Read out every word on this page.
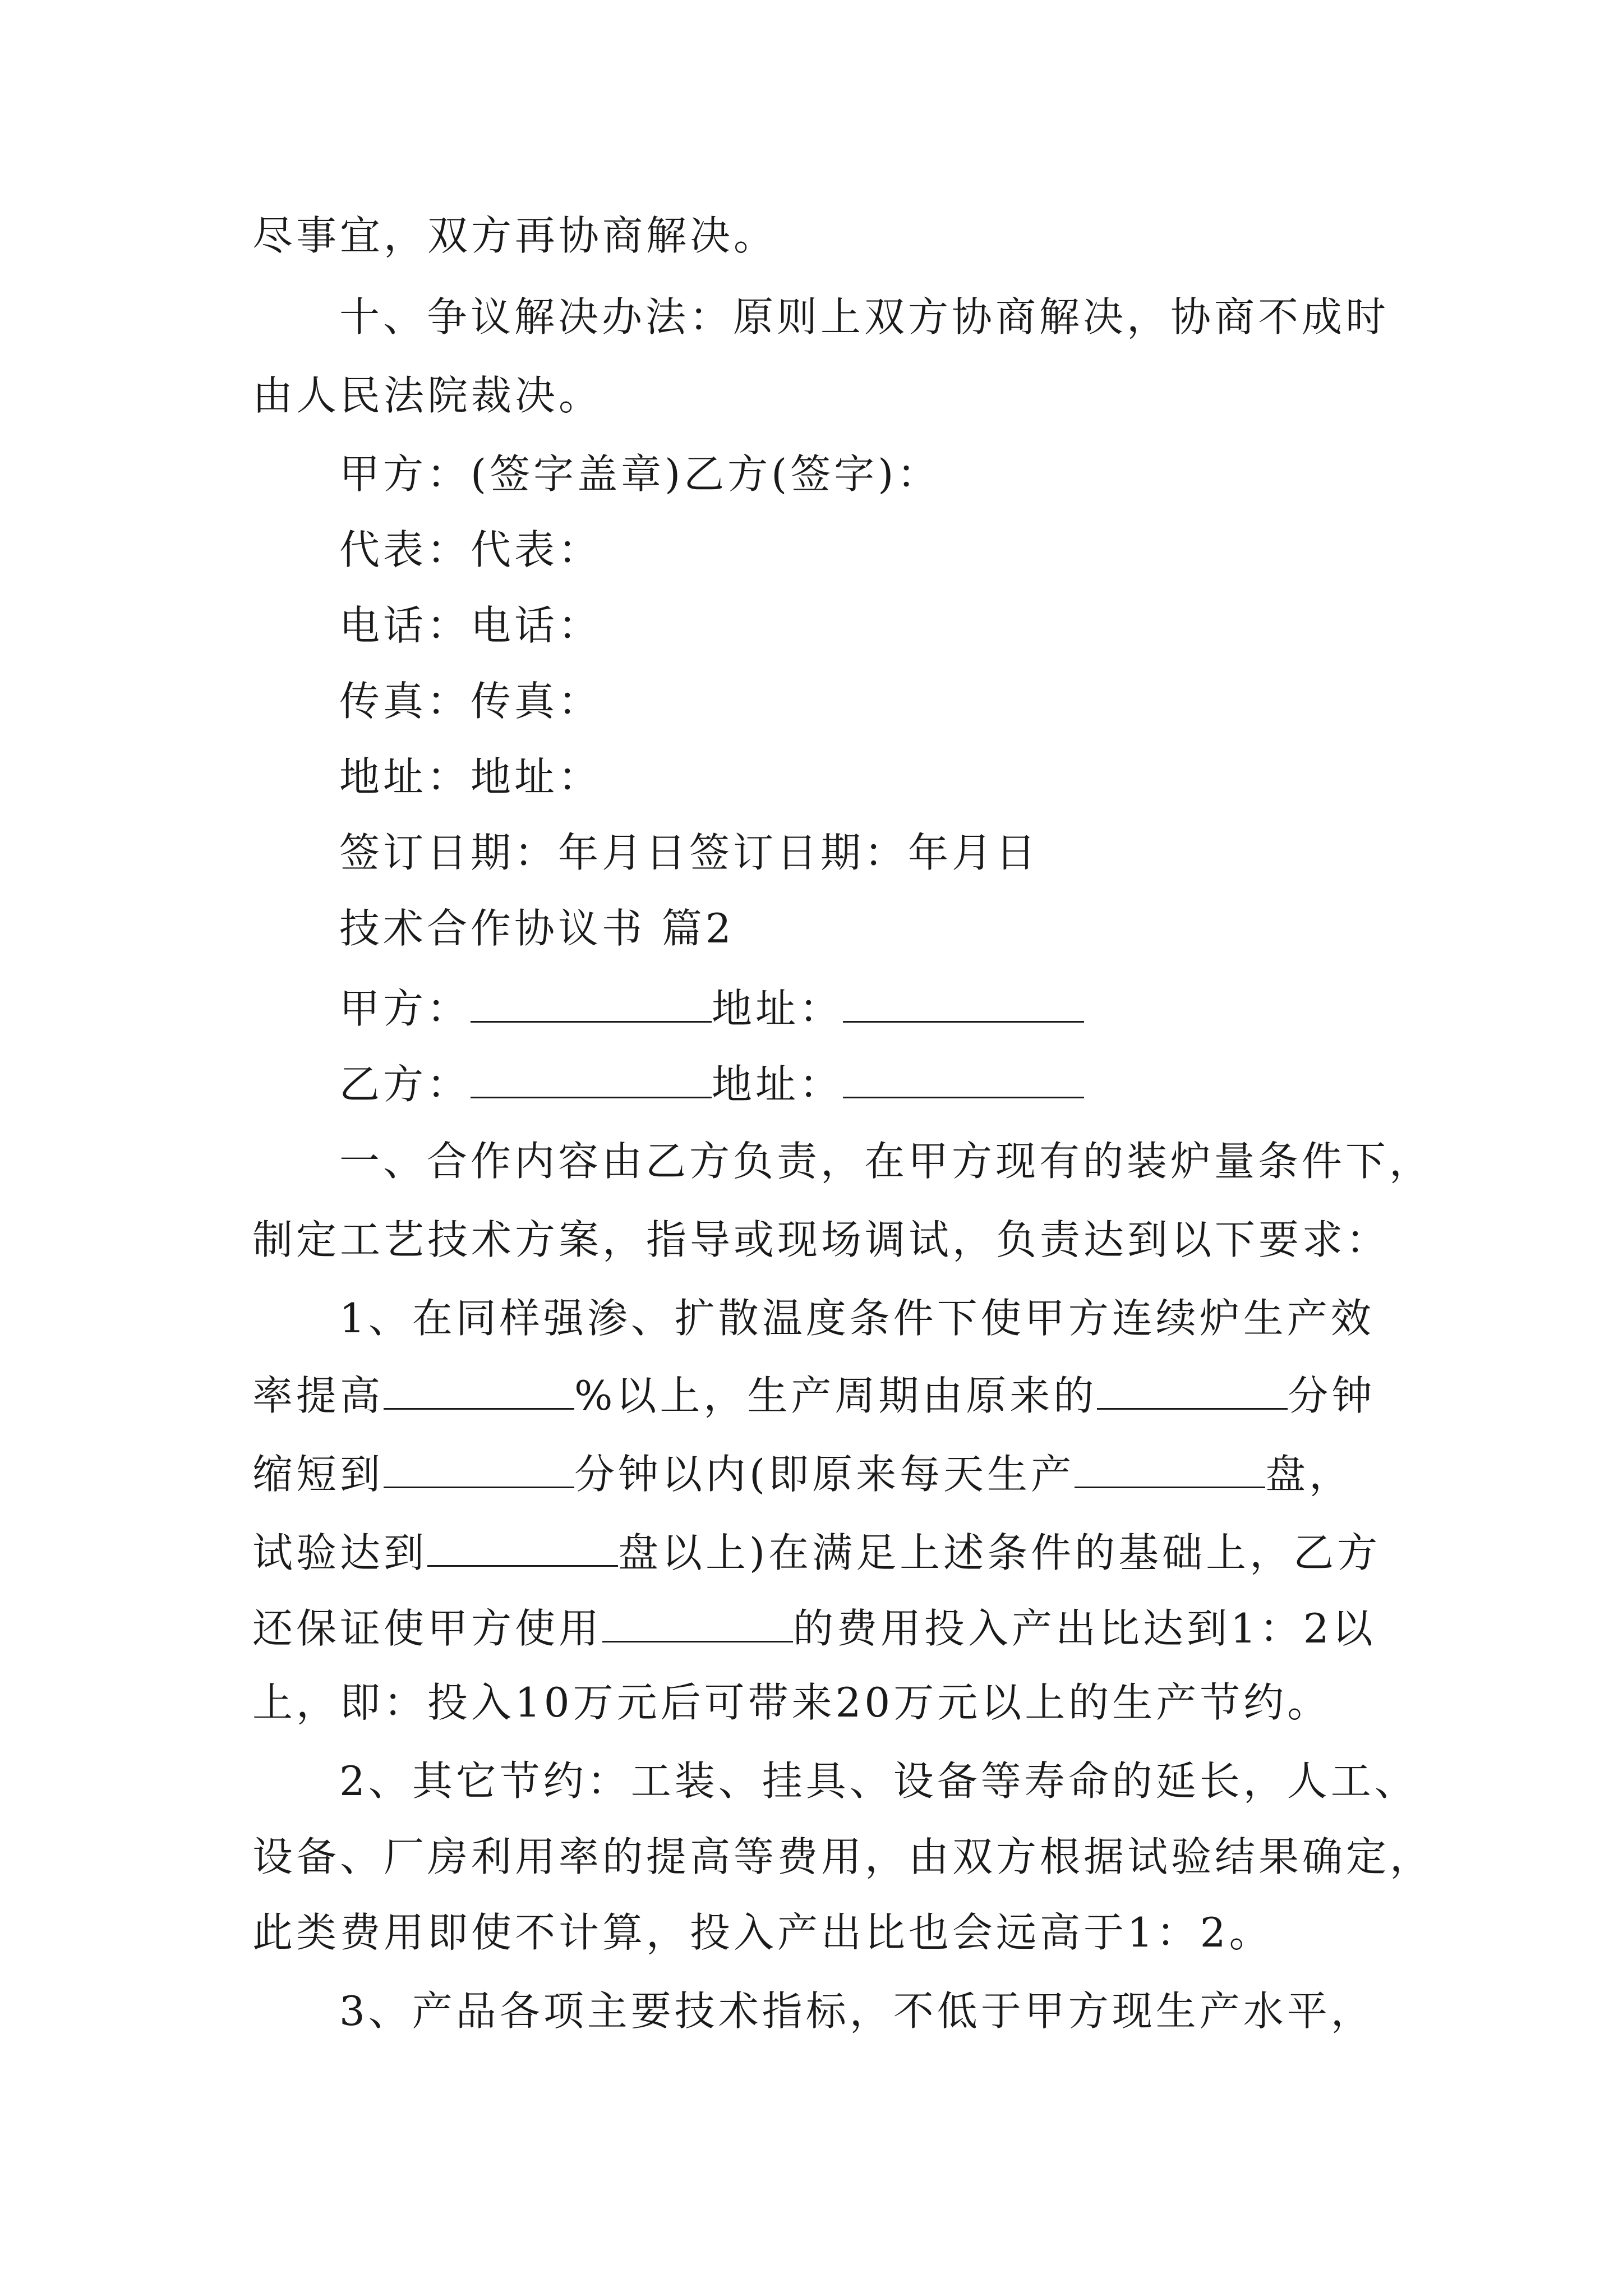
尽事宜，双方再协商解决。
十、争议解决办法：原则上双方协商解决，协商不成时
由人民法院裁决。
甲方：(签字盖章)乙方(签字)：
代表：代表：
电话：电话：
传真：传真：
地址：地址：
签订日期：年月日签订日期：年月日
技术合作协议书 篇2
甲方：	地址：
乙方：	地址：
一、合作内容由乙方负责，在甲方现有的装炉量条件下，
制定工艺技术方案，指导或现场调试，负责达到以下要求：
1、在同样强渗、扩散温度条件下使甲方连续炉生产效
率提高	%以上，生产周期由原来的	分钟
缩短到	分钟以内(即原来每天生产	盘，
试验达到	盘以上)在满足上述条件的基础上，乙方
还保证使甲方使用	的费用投入产出比达到1：2以
上，即：投入10万元后可带来20万元以上的生产节约。
2、其它节约：工装、挂具、设备等寿命的延长，人工、
设备、厂房利用率的提高等费用，由双方根据试验结果确定，
此类费用即使不计算，投入产出比也会远高于1：2。
3、产品各项主要技术指标，不低于甲方现生产水平，
